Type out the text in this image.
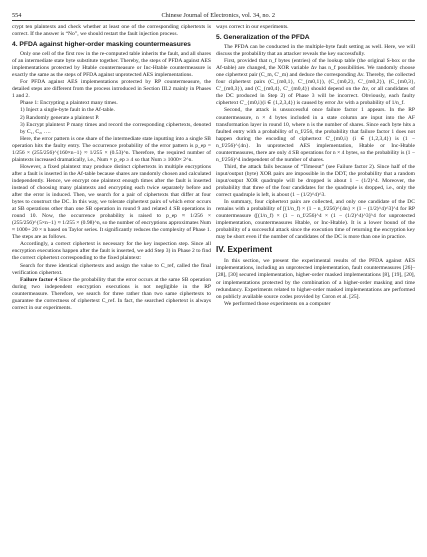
554	Chinese Journal of Electronics, vol. 34, no. 2

crypt ten plaintexts and check whether at least one of the corresponding ciphertexts is correct. If the answer is “No”, we should restart the fault injection process.

4. PFDA against higher-order masking countermeasures

Only one cell of the first row in the re-computed table inherits the fault, and all shares of an intermediate state byte substitute together. Thereby, the steps of PFDA against AES implementations protected by Htable countermeasure or Inc-Htable countermeasure is exactly the same as the steps of PFDA against unprotected AES implementations.

For PFDA against AES implementations protected by RP countermeasure, the detailed steps are different from the process introduced in Section III.2 mainly in Phases 1 and 2.

Phase 1: Encrypting a plaintext many times.

1) Inject a single-byte fault in the Af-table.

2) Randomly generate a plaintext P.

3) Encrypt plaintext P many times and record the corresponding ciphertexts, denoted by C₁, C₂, ….

Here, the error pattern is one share of the intermediate state inputting into a single SB operation hits the faulty entry. The occurrence probability of the error pattern is p_ep = 1/256 × (255/256)^{160×n−1} ≈ 1/255 × (0.53)^n. Therefore, the required number of plaintexts increased dramatically, i.e., Num × p_ep ≥ 4 so that Num ≥ 1000× 2^n.

However, a fixed plaintext may produce distinct ciphertexts in multiple encryptions after a fault is inserted in the Af-table because shares are randomly chosen and calculated independently. Hence, we encrypt one plaintext enough times after the fault is inserted instead of choosing many plaintexts and encrypting each twice separately before and after the error is induced. Then, we search for a pair of ciphertexts that differ at four bytes to construct the DC. In this way, we tolerate ciphertext pairs of which error occurs at SB operations other than one SB operation in round 9 and related 4 SB operations in round 10. Now, the occurrence probability is raised to p_ep ≈ 1/256 × (255/256)^{5×n−1} ≈ 1/255 × (0.98)^n, so the number of encryptions approximates Num ≈ 1000+ 20 × n based on Taylor series. It significantly reduces the complexity of Phase 1. The steps are as follows.

Accordingly, a correct ciphertext is necessary for the key inspection step. Since all encryption executions happen after the fault is inserted, we add Step 3) in Phase 2 to find the correct ciphertext corresponding to the fixed plaintext:

Search for three identical ciphertexts and assign the value to C_ref, called the final verification ciphertext.

Failure factor 4 Since the probability that the error occurs at the same SB operation during two independent encryption executions is not negligible in the RP countermeasure. Therefore, we search for three rather than two same ciphertexts to guarantee the correctness of ciphertext C_ref. In fact, the searched ciphertext is always correct in our experiments.

ways correct in our experiments.

5. Generalization of the PFDA

The PFDA can be conducted in the multiple-byte fault setting as well. Here, we will discuss the probability that an attacker reveals the key successfully.

First, provided that n_f bytes (entries) of the lookup table (the original S-box or the Af-table) are changed, the XOR variable Δv has n_f possibilities. We randomly choose one ciphertext pair (C_m, C'_m) and deduce the corresponding Δv. Thereby, the collected four ciphertext pairs (C_{m0,1}, C'_{m0,1}), (C_{m0,2}, C'_{m0,2}), (C_{m0,3}, C'_{m0,3}), and (C_{m0,4}, C'_{m0,4}) should depend on the Δv, or all candidates of the DC produced in Step 2) of Phase 3 will be incorrect. Obviously, each faulty ciphertext C'_{m0,i}(i ∈ {1,2,3,4}) is caused by error Δv with a probability of 1/n_f.

Second, the attack is unsuccessful once failure factor 1 appears. In the RP countermeasure, n × 4 bytes included in a state column are input into the AF transformation layer in round 10, where n is the number of shares. Since each byte hits a faulted entry with a probability of n_f/256, the probability that failure factor 1 does not happen during the encoding of ciphertext C'_{m0,i} (i ∈ {1,2,3,4}) is (1 − n_f/256)^{4n}. In unprotected AES implementation, Htable or Inc-Htable countermeasures, there are only 4 SB operations for n × 4 bytes, so the probability is (1 − n_f/256)^4 independent of the number of shares.

Third, the attack fails because of “Timeout” (see Failure factor 2). Since half of the input/output (byte) XOR pairs are impossible in the DDT, the probability that a random input/output XOR quadruple will be dropped is about 1 − (1/2)^4. Moreover, the probability that three of the four candidates for the quadruple is dropped, i.e., only the correct quadruple is left, is about (1 − (1/2)^4)^3.

In summary, four ciphertext pairs are collected, and only one candidate of the DC remains with a probability of [(1/n_f) × (1 − n_f/256)^{4n} × (1 − (1/2)^4)^3]^4 for RP countermeasure ([(1/n_f) × (1 − n_f/256)^4 × (1 − (1/2)^4)^3]^4 for unprotected implementation, countermeasures Htable, or Inc-Htable). It is a lower bound of the probability of a successful attack since the execution time of returning the encryption key may be short even if the number of candidates of the DC is more than one in practice.

IV. Experiment

In this section, we present the experimental results of the PFDA against AES implementations, including an unprotected implementation, fault countermeasures [26]–[28], [30] secured implementation, higher-order masked implementations [8], [19], [20], or implementations protected by the combination of a higher-order masking and time redundancy. Experiments related to higher-order masked implementations are performed on publicly available source codes provided by Coron et al. [25].

We performed those experiments on a computer
